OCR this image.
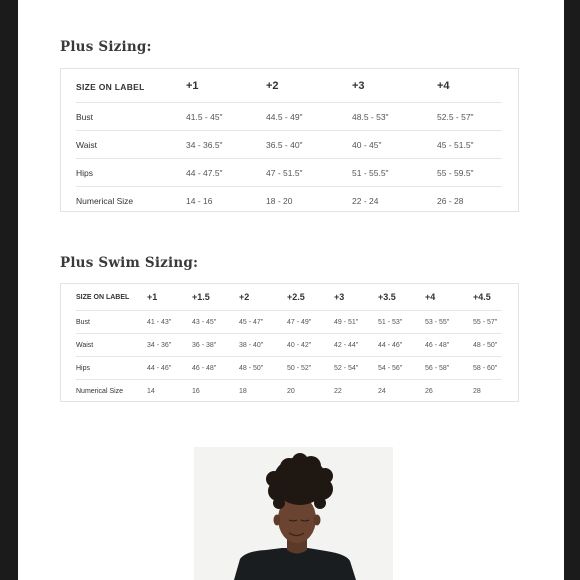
Plus Sizing:
SIZE ON LABEL	+1	+2	+3	+4
Bust	41.5 - 45"	44.5 - 49"	48.5 - 53"	52.5 - 57"
Waist	34 - 36.5"	36.5 - 40"	40 - 45"	45 - 51.5"
Hips	44 - 47.5"	47 - 51.5"	51 - 55.5"	55 - 59.5"
Numerical Size	14 - 16	18 - 20	22 - 24	26 - 28
Plus Swim Sizing:
SIZE ON LABEL +1	+1.5	+2	+2.5	+3	+3.5	+4	+4.5
Bust	41 - 43"	43 - 45"	45 - 47"	47 - 49"	49 - 51"	51 - 53"	53 - 55"	55 - 57"
Waist	34 - 36"	36 - 38"	38 - 40"	40 - 42"	42 - 44"	44 - 46"	46 - 48"	48 - 50"
Hips	44 - 46"	46 - 48"	48 - 50"	50 - 52"	52 - 54"	54 - 56"	56 - 58"	58 - 60"
Numerical Size	14	16	18	20	22	24	26	28
